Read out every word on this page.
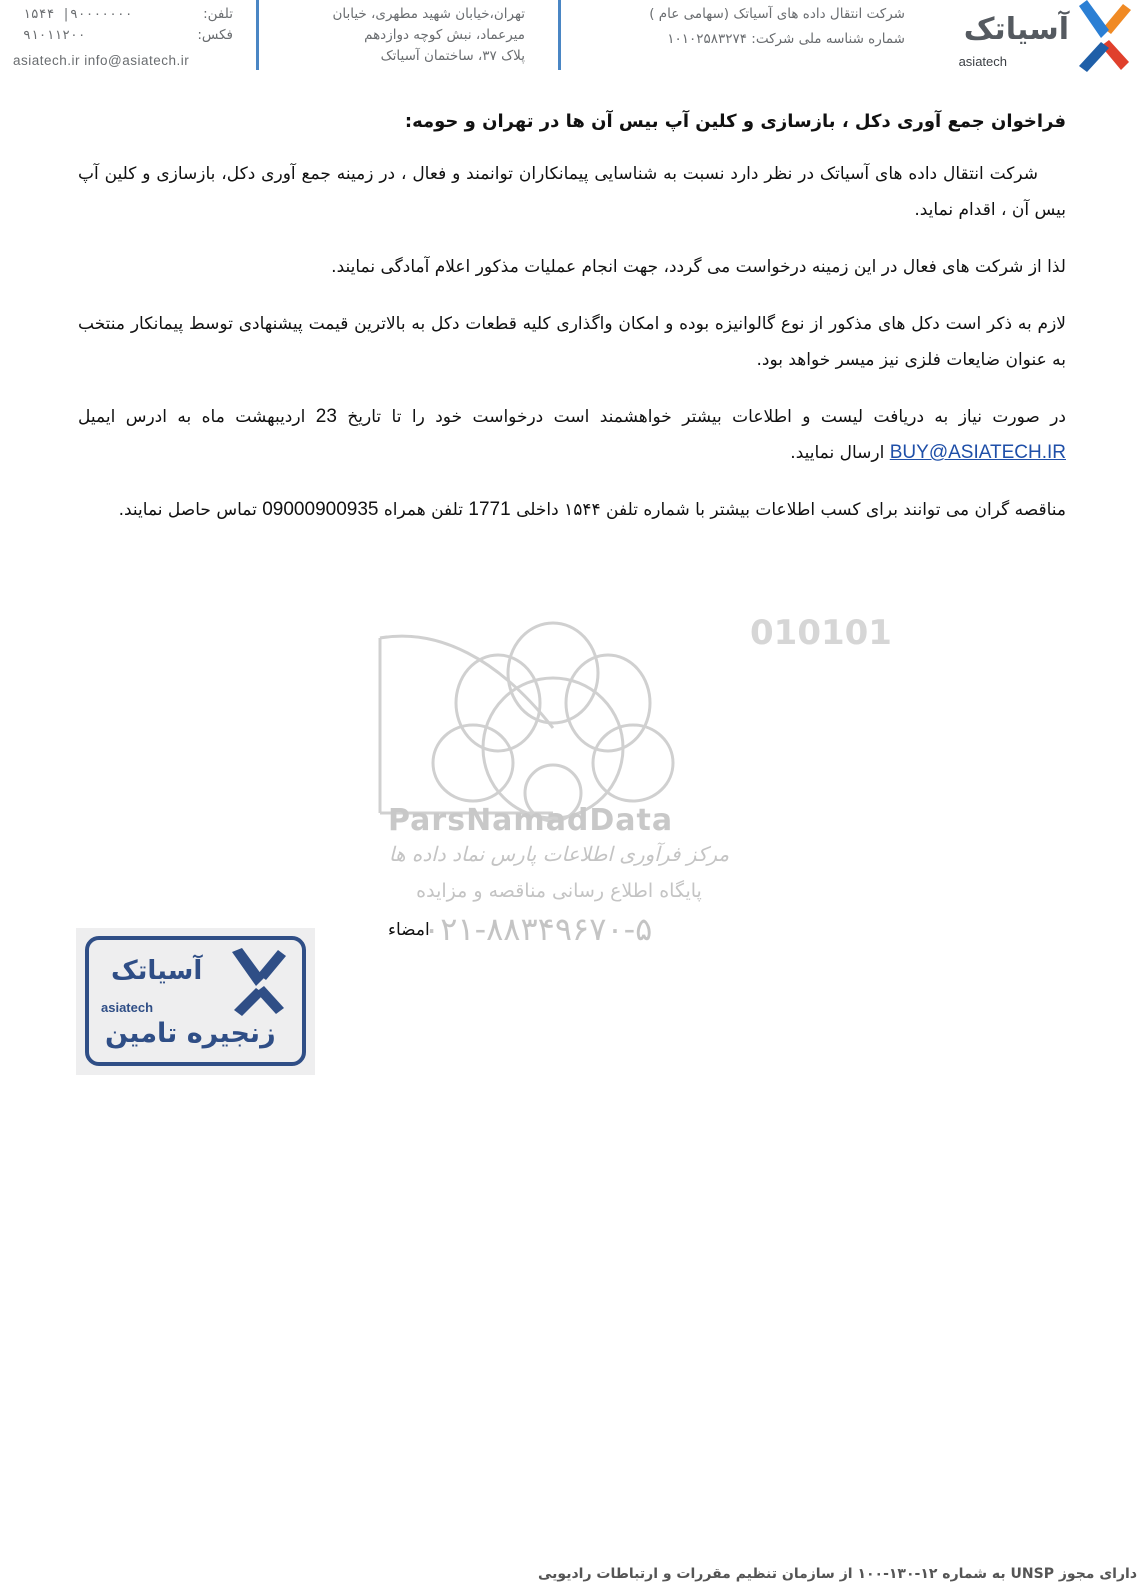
آسیاتک
asiatech
شرکت انتقال داده های آسیاتک (سهامی عام )
شماره شناسه ملی شرکت: ۱۰۱۰۲۵۸۳۲۷۴
تهران،خیابان شهید مطهری، خیابان
میرعماد، نبش کوچه دوازدهم
پلاک ۳۷، ساختمان آسیاتک
تلفن:
۱۵۴۴ |۹۰۰۰۰۰۰۰
فکس:
۹۱۰۱۱۲۰۰
asiatech.ir info@asiatech.ir

فراخوان جمع آوری دکل ، بازسازی و کلین آپ بیس آن ها در تهران و حومه:

شرکت انتقال داده های آسیاتک در نظر دارد نسبت به شناسایی پیمانکاران توانمند و فعال ، در زمینه جمع آوری دکل، بازسازی و کلین آپ بیس آن ، اقدام نماید.

لذا از شرکت های فعال در این زمینه درخواست می گردد، جهت انجام عملیات مذکور اعلام آمادگی نمایند.

لازم به ذکر است دکل های مذکور از نوع گالوانیزه بوده و امکان واگذاری کلیه قطعات دکل به بالاترین قیمت پیشنهادی توسط پیمانکار منتخب به عنوان ضایعات فلزی نیز میسر خواهد بود.

در صورت نیاز به دریافت لیست و اطلاعات بیشتر خواهشمند است درخواست خود را تا تاریخ 23 اردیبهشت ماه به ادرس ایمیل BUY@ASIATECH.IR ارسال نمایید.

مناقصه گران می توانند برای کسب اطلاعات بیشتر با شماره تلفن ۱۵۴۴ داخلی 1771 تلفن همراه 09000900935 تماس حاصل نمایند.

010101
ParsNamadData
مرکز فرآوری اطلاعات پارس نماد داده ها
پایگاه اطلاع رسانی مناقصه و مزایده
۰۲۱-۸۸۳۴۹۶۷۰-۵
امضاء
آسیاتک
asiatech
زنجیره تامین
دارای مجوز UNSP به شماره ۱۲-۱۳۰-۱۰۰ از سازمان تنظیم مقررات و ارتباطات رادیویی
